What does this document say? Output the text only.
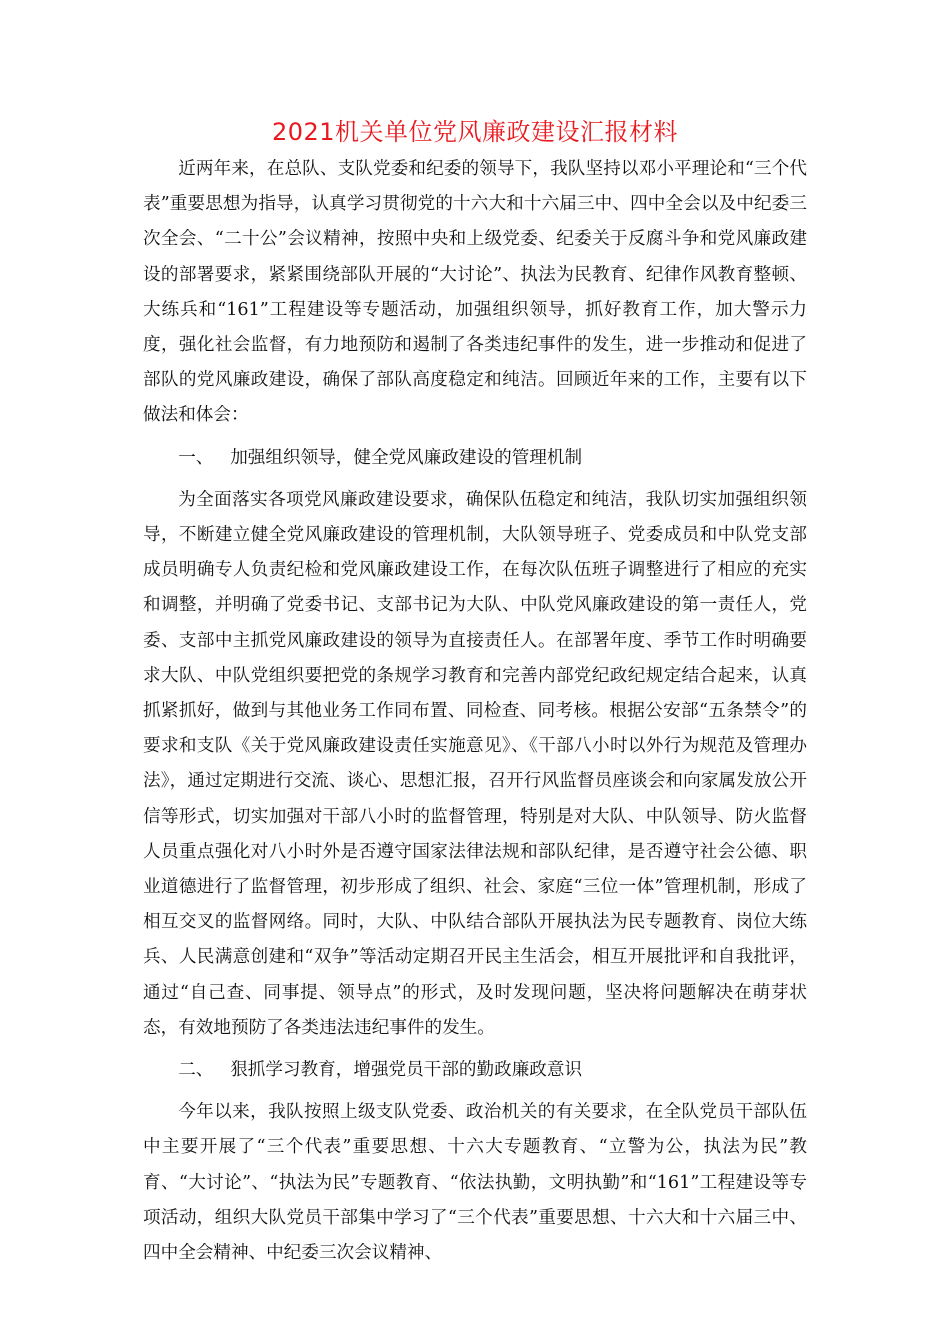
2021机关单位党风廉政建设汇报材料

近两年来，在总队、支队党委和纪委的领导下，我队坚持以邓小平理论和“三个代表”重要思想为指导，认真学习贯彻党的十六大和十六届三中、四中全会以及中纪委三次全会、“二十公”会议精神，按照中央和上级党委、纪委关于反腐斗争和党风廉政建设的部署要求，紧紧围绕部队开展的“大讨论”、执法为民教育、纪律作风教育整顿、大练兵和“161”工程建设等专题活动，加强组织领导，抓好教育工作，加大警示力度，强化社会监督，有力地预防和遏制了各类违纪事件的发生，进一步推动和促进了部队的党风廉政建设，确保了部队高度稳定和纯洁。回顾近年来的工作，主要有以下做法和体会：

一、 加强组织领导，健全党风廉政建设的管理机制

为全面落实各项党风廉政建设要求，确保队伍稳定和纯洁，我队切实加强组织领导，不断建立健全党风廉政建设的管理机制，大队领导班子、党委成员和中队党支部成员明确专人负责纪检和党风廉政建设工作，在每次队伍班子调整进行了相应的充实和调整，并明确了党委书记、支部书记为大队、中队党风廉政建设的第一责任人，党委、支部中主抓党风廉政建设的领导为直接责任人。在部署年度、季节工作时明确要求大队、中队党组织要把党的条规学习教育和完善内部党纪政纪规定结合起来，认真抓紧抓好，做到与其他业务工作同布置、同检查、同考核。根据公安部“五条禁令”的要求和支队《关于党风廉政建设责任实施意见》、《干部八小时以外行为规范及管理办法》，通过定期进行交流、谈心、思想汇报，召开行风监督员座谈会和向家属发放公开信等形式，切实加强对干部八小时的监督管理，特别是对大队、中队领导、防火监督人员重点强化对八小时外是否遵守国家法律法规和部队纪律，是否遵守社会公德、职业道德进行了监督管理，初步形成了组织、社会、家庭“三位一体”管理机制，形成了相互交叉的监督网络。同时，大队、中队结合部队开展执法为民专题教育、岗位大练兵、人民满意创建和“双争”等活动定期召开民主生活会，相互开展批评和自我批评，通过“自己查、同事提、领导点”的形式，及时发现问题，坚决将问题解决在萌芽状态，有效地预防了各类违法违纪事件的发生。

二、 狠抓学习教育，增强党员干部的勤政廉政意识

今年以来，我队按照上级支队党委、政治机关的有关要求，在全队党员干部队伍中主要开展了“三个代表”重要思想、十六大专题教育、“立警为公，执法为民”教育、“大讨论”、“执法为民”专题教育、“依法执勤，文明执勤”和“161”工程建设等专项活动，组织大队党员干部集中学习了“三个代表”重要思想、十六大和十六届三中、四中全会精神、中纪委三次会议精神、
